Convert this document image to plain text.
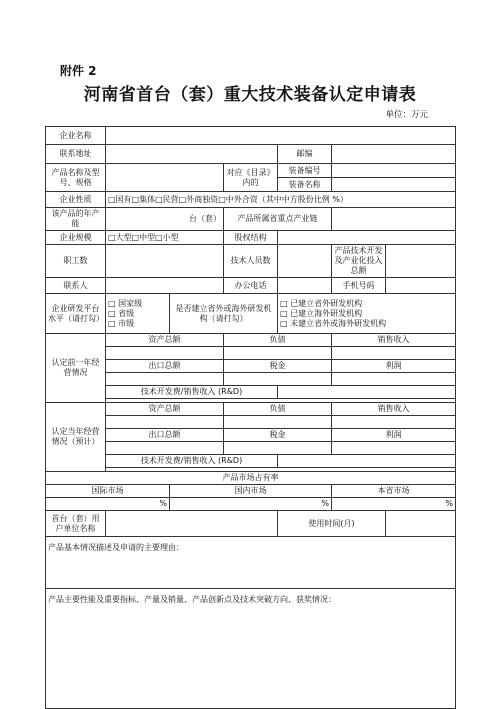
附件 2
河南省首台（套）重大技术装备认定申请表
单位：万元
企业名称						
联系地址				邮编		
产品名称及型号、规格			对应《目录》内的	装备编号		
				装备名称		
企业性质	□国有□集体□民营□外商独资□中外合资（其中中方股份比例 %）					
该产品的年产能	台（套）		产品所属省重点产业链			
企业规模	□大型□中型□小型		股权结构			
职工数			技术人员数		产品技术开发及产业化投入总额	
联系人			办公电话		手机号码	
企业研发平台水平（请打勾）	□ 国家级
□ 省级
□ 市级	是否建立省外或海外研发机构（请打勾）		□ 已建立省外研发机构
□ 已建立海外研发机构
□ 未建立省外或海外研发机构		

认定前一年经营情况	资产总额		负债		销售收入	

	出口总额		税金		利润	

	技术开发费/销售收入 (R&D)					

认定当年经营情况（预计）	资产总额		负债		销售收入	

	出口总额		税金		利润	

	技术开发费/销售收入 (R&D)					

产品市场占有率						
国际市场		国内市场			本省市场	
%		%			%	
首台（套）用户单位名称				使用时间(月)		
产品基本情况描述及申请的主要理由：						
产品主要性能及重要指标、产量及销量、产品创新点及技术突破方向、获奖情况：						
